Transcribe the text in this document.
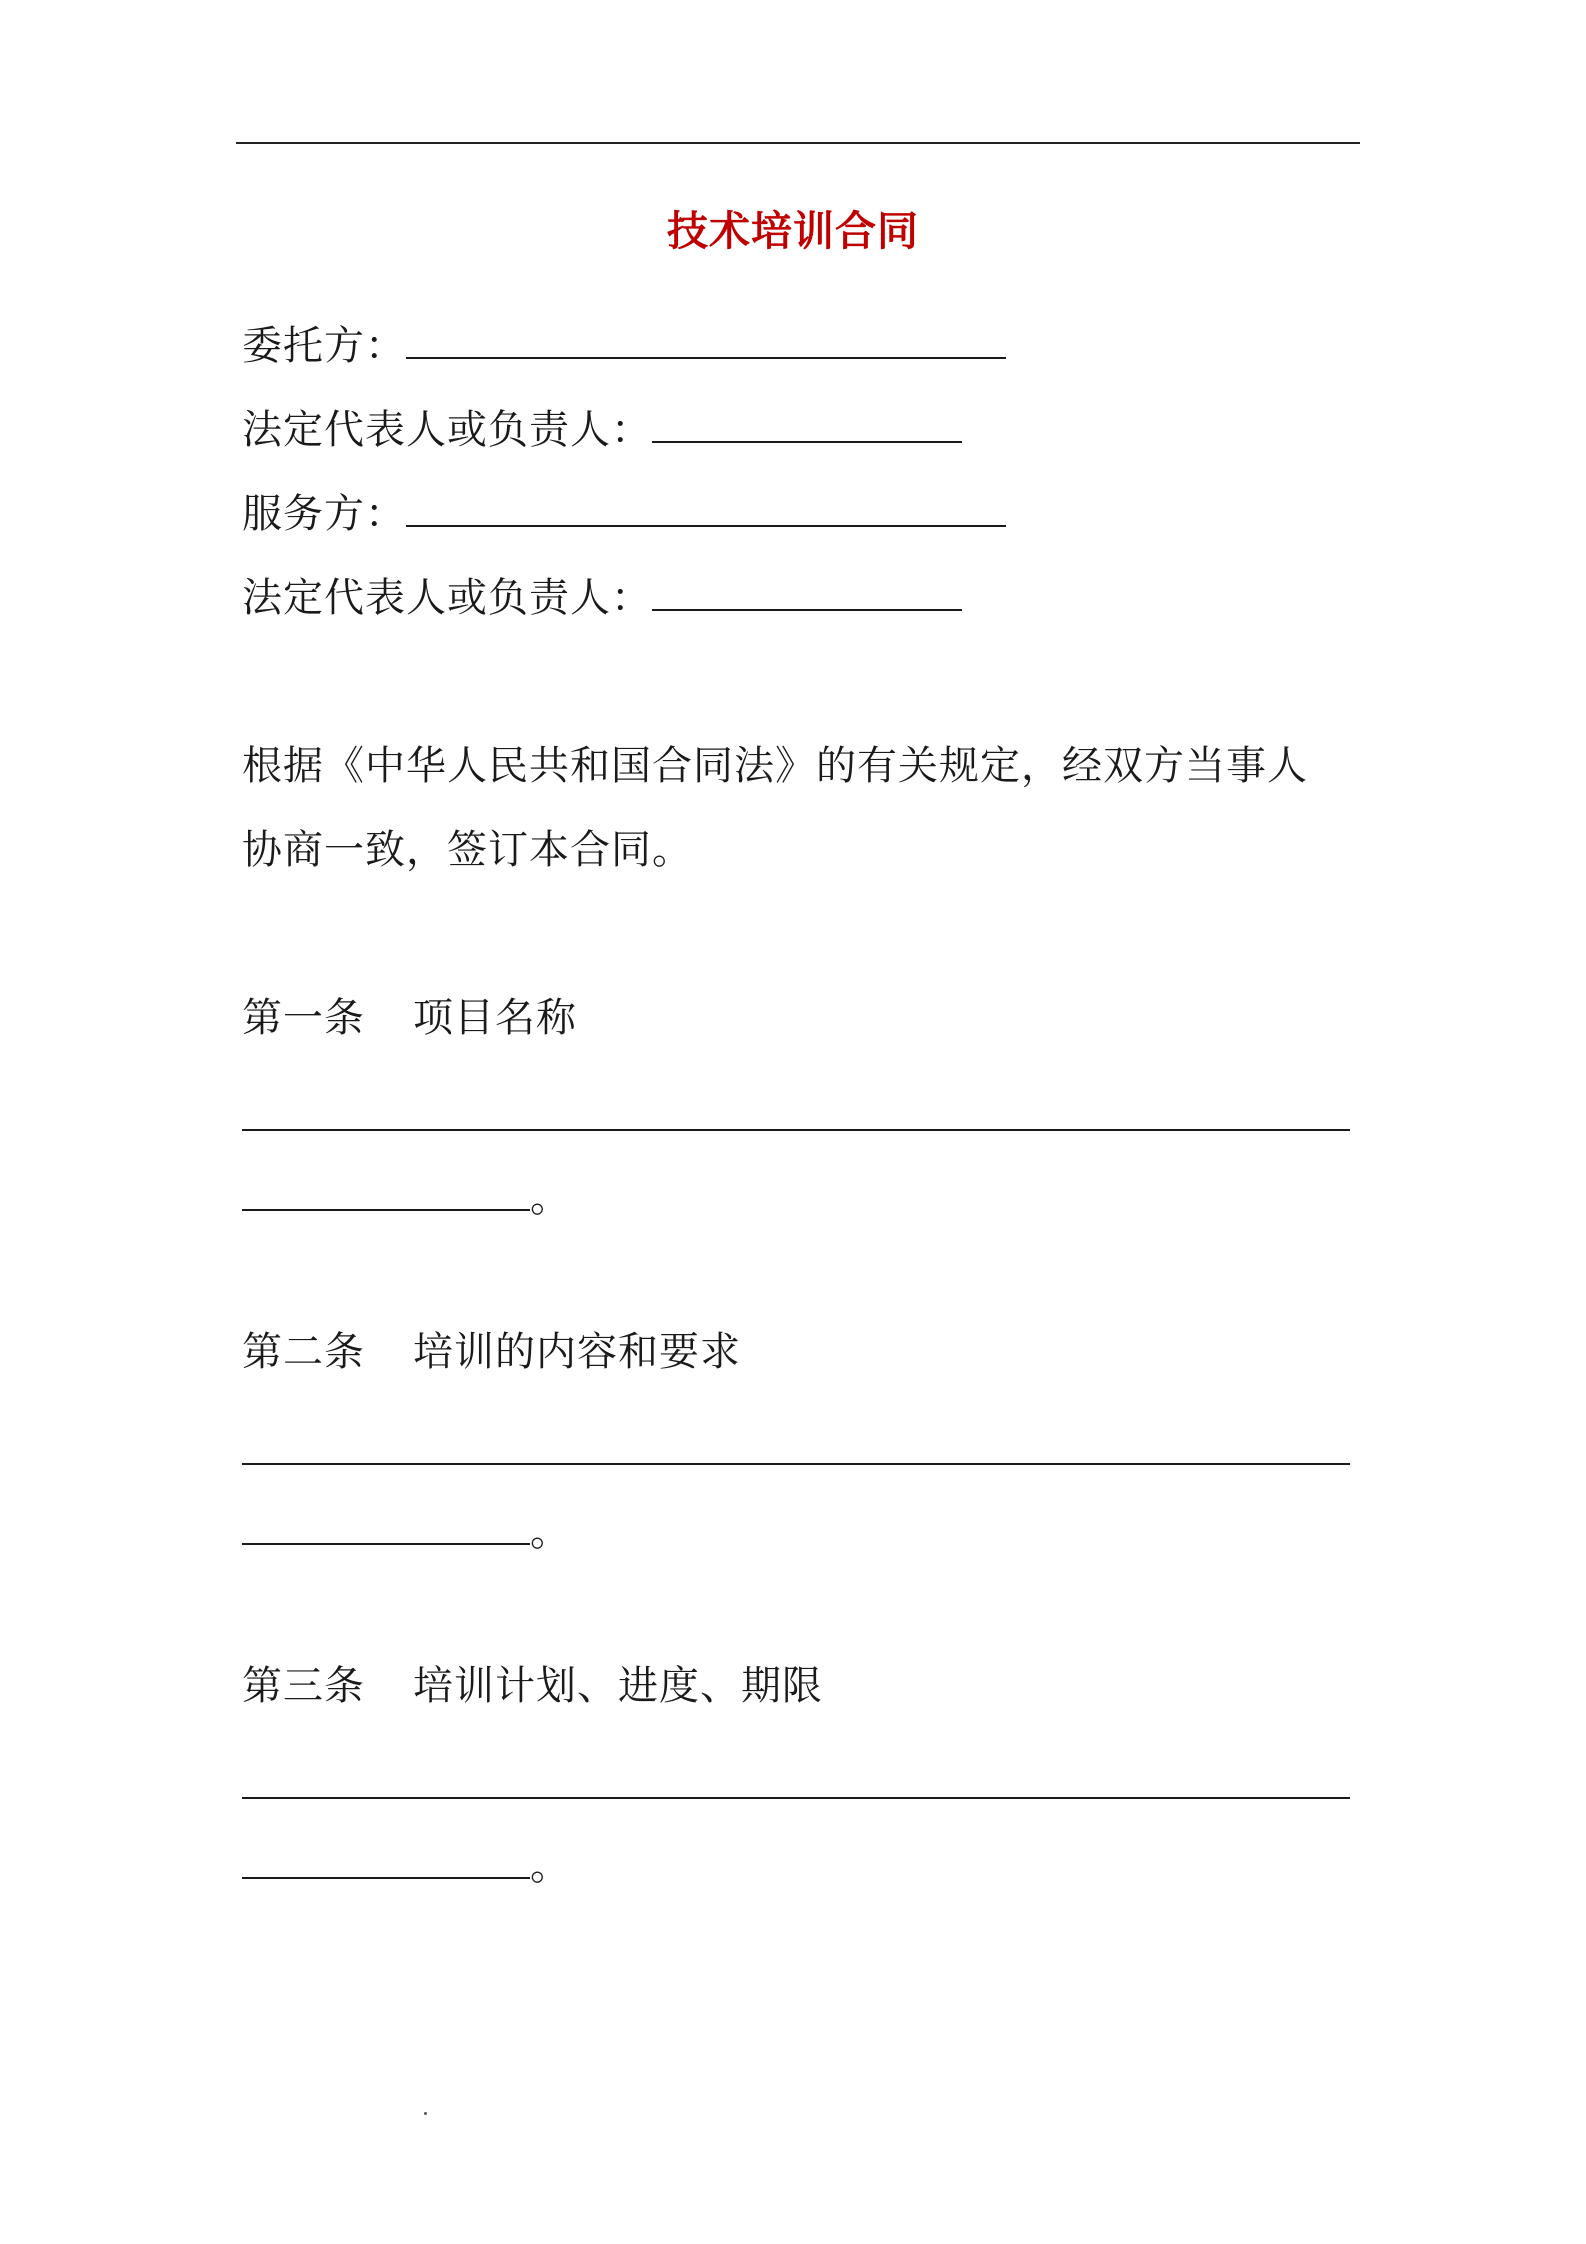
技术培训合同
委托方：
法定代表人或负责人：
服务方：
法定代表人或负责人：
根据《中华人民共和国合同法》的有关规定，经双方当事人
协商一致，签订本合同。
第一条 项目名称
。
第二条 培训的内容和要求
。
第三条 培训计划、进度、期限
。
